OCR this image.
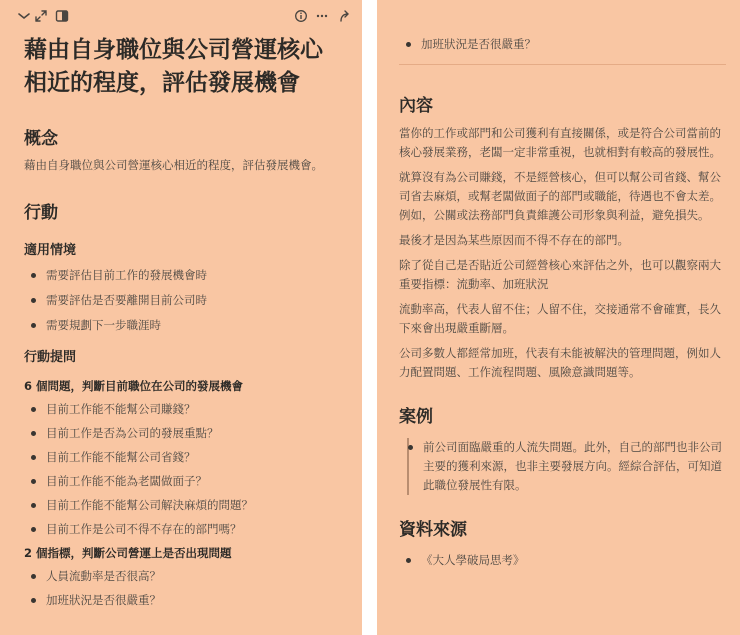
藉由自身職位與公司營運核心相近的程度，評估發展機會
概念

藉由自身職位與公司營運核心相近的程度，評估發展機會。

行動
適用情境
需要評估目前工作的發展機會時
需要評估是否要離開目前公司時
需要規劃下一步職涯時
行動提問

6 個問題，判斷目前職位在公司的發展機會

目前工作能不能幫公司賺錢？
目前工作是否為公司的發展重點？
目前工作能不能幫公司省錢？
目前工作能不能為老闆做面子？
目前工作能不能幫公司解決麻煩的問題？
目前工作是公司不得不存在的部門嗎？

2 個指標，判斷公司營運上是否出現問題

人員流動率是否很高？
加班狀況是否很嚴重？
加班狀況是否很嚴重？
內容

當你的工作或部門和公司獲利有直接關係，或是符合公司當前的核心發展業務，老闆一定非常重視，也就相對有較高的發展性。

就算沒有為公司賺錢，不是經營核心，但可以幫公司省錢、幫公司省去麻煩，或幫老闆做面子的部門或職能，待遇也不會太差。例如，公關或法務部門負責維護公司形象與利益，避免損失。

最後才是因為某些原因而不得不存在的部門。

除了從自己是否貼近公司經營核心來評估之外，也可以觀察兩大重要指標：流動率、加班狀況

流動率高，代表人留不住；人留不住，交接通常不會確實，長久下來會出現嚴重斷層。

公司多數人都經常加班，代表有未能被解決的管理問題，例如人力配置問題、工作流程問題、風險意識問題等。

案例
前公司面臨嚴重的人流失問題。此外，自己的部門也非公司主要的獲利來源，也非主要發展方向。經綜合評估，可知道此職位發展性有限。
資料來源
《大人學破局思考》
